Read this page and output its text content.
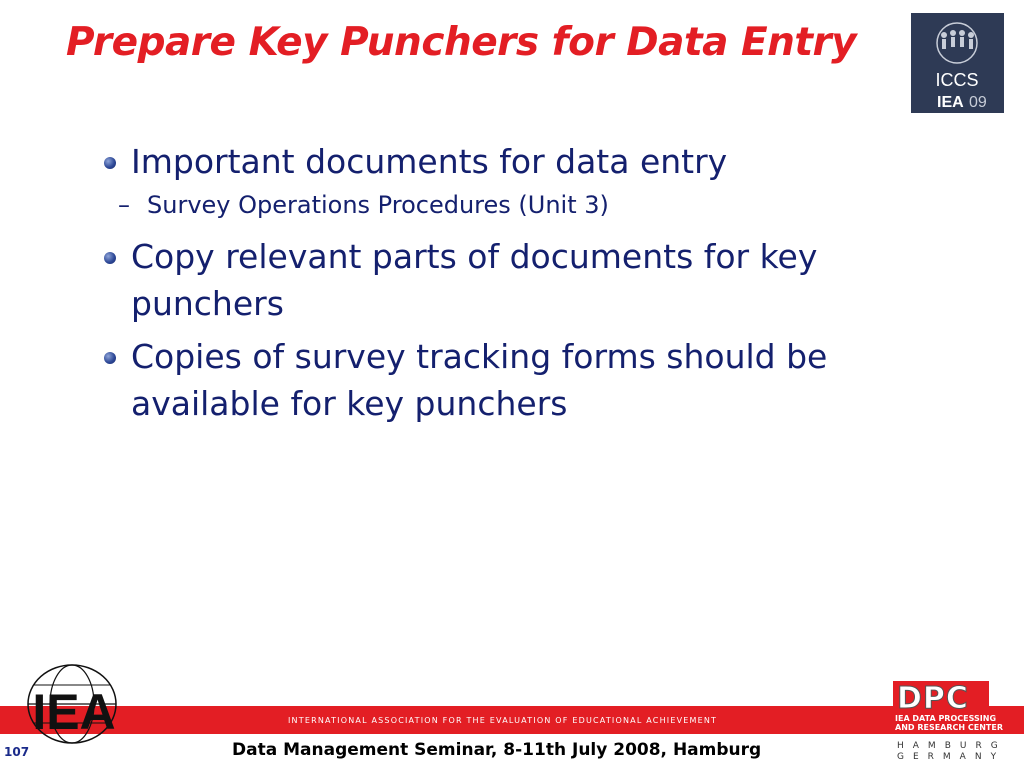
Prepare Key Punchers for Data Entry
ICCS
IEA 09
Important documents for data entry
– Survey Operations Procedures (Unit 3)
Copy relevant parts of documents for key punchers
Copies of survey tracking forms should be available for key punchers
INTERNATIONAL ASSOCIATION FOR THE EVALUATION OF EDUCATIONAL ACHIEVEMENT
IEA
107	Data Management Seminar, 8-11th July 2008, Hamburg
DPC
IEA DATA PROCESSING
AND RESEARCH CENTER
HAMBURG
GERMANY
